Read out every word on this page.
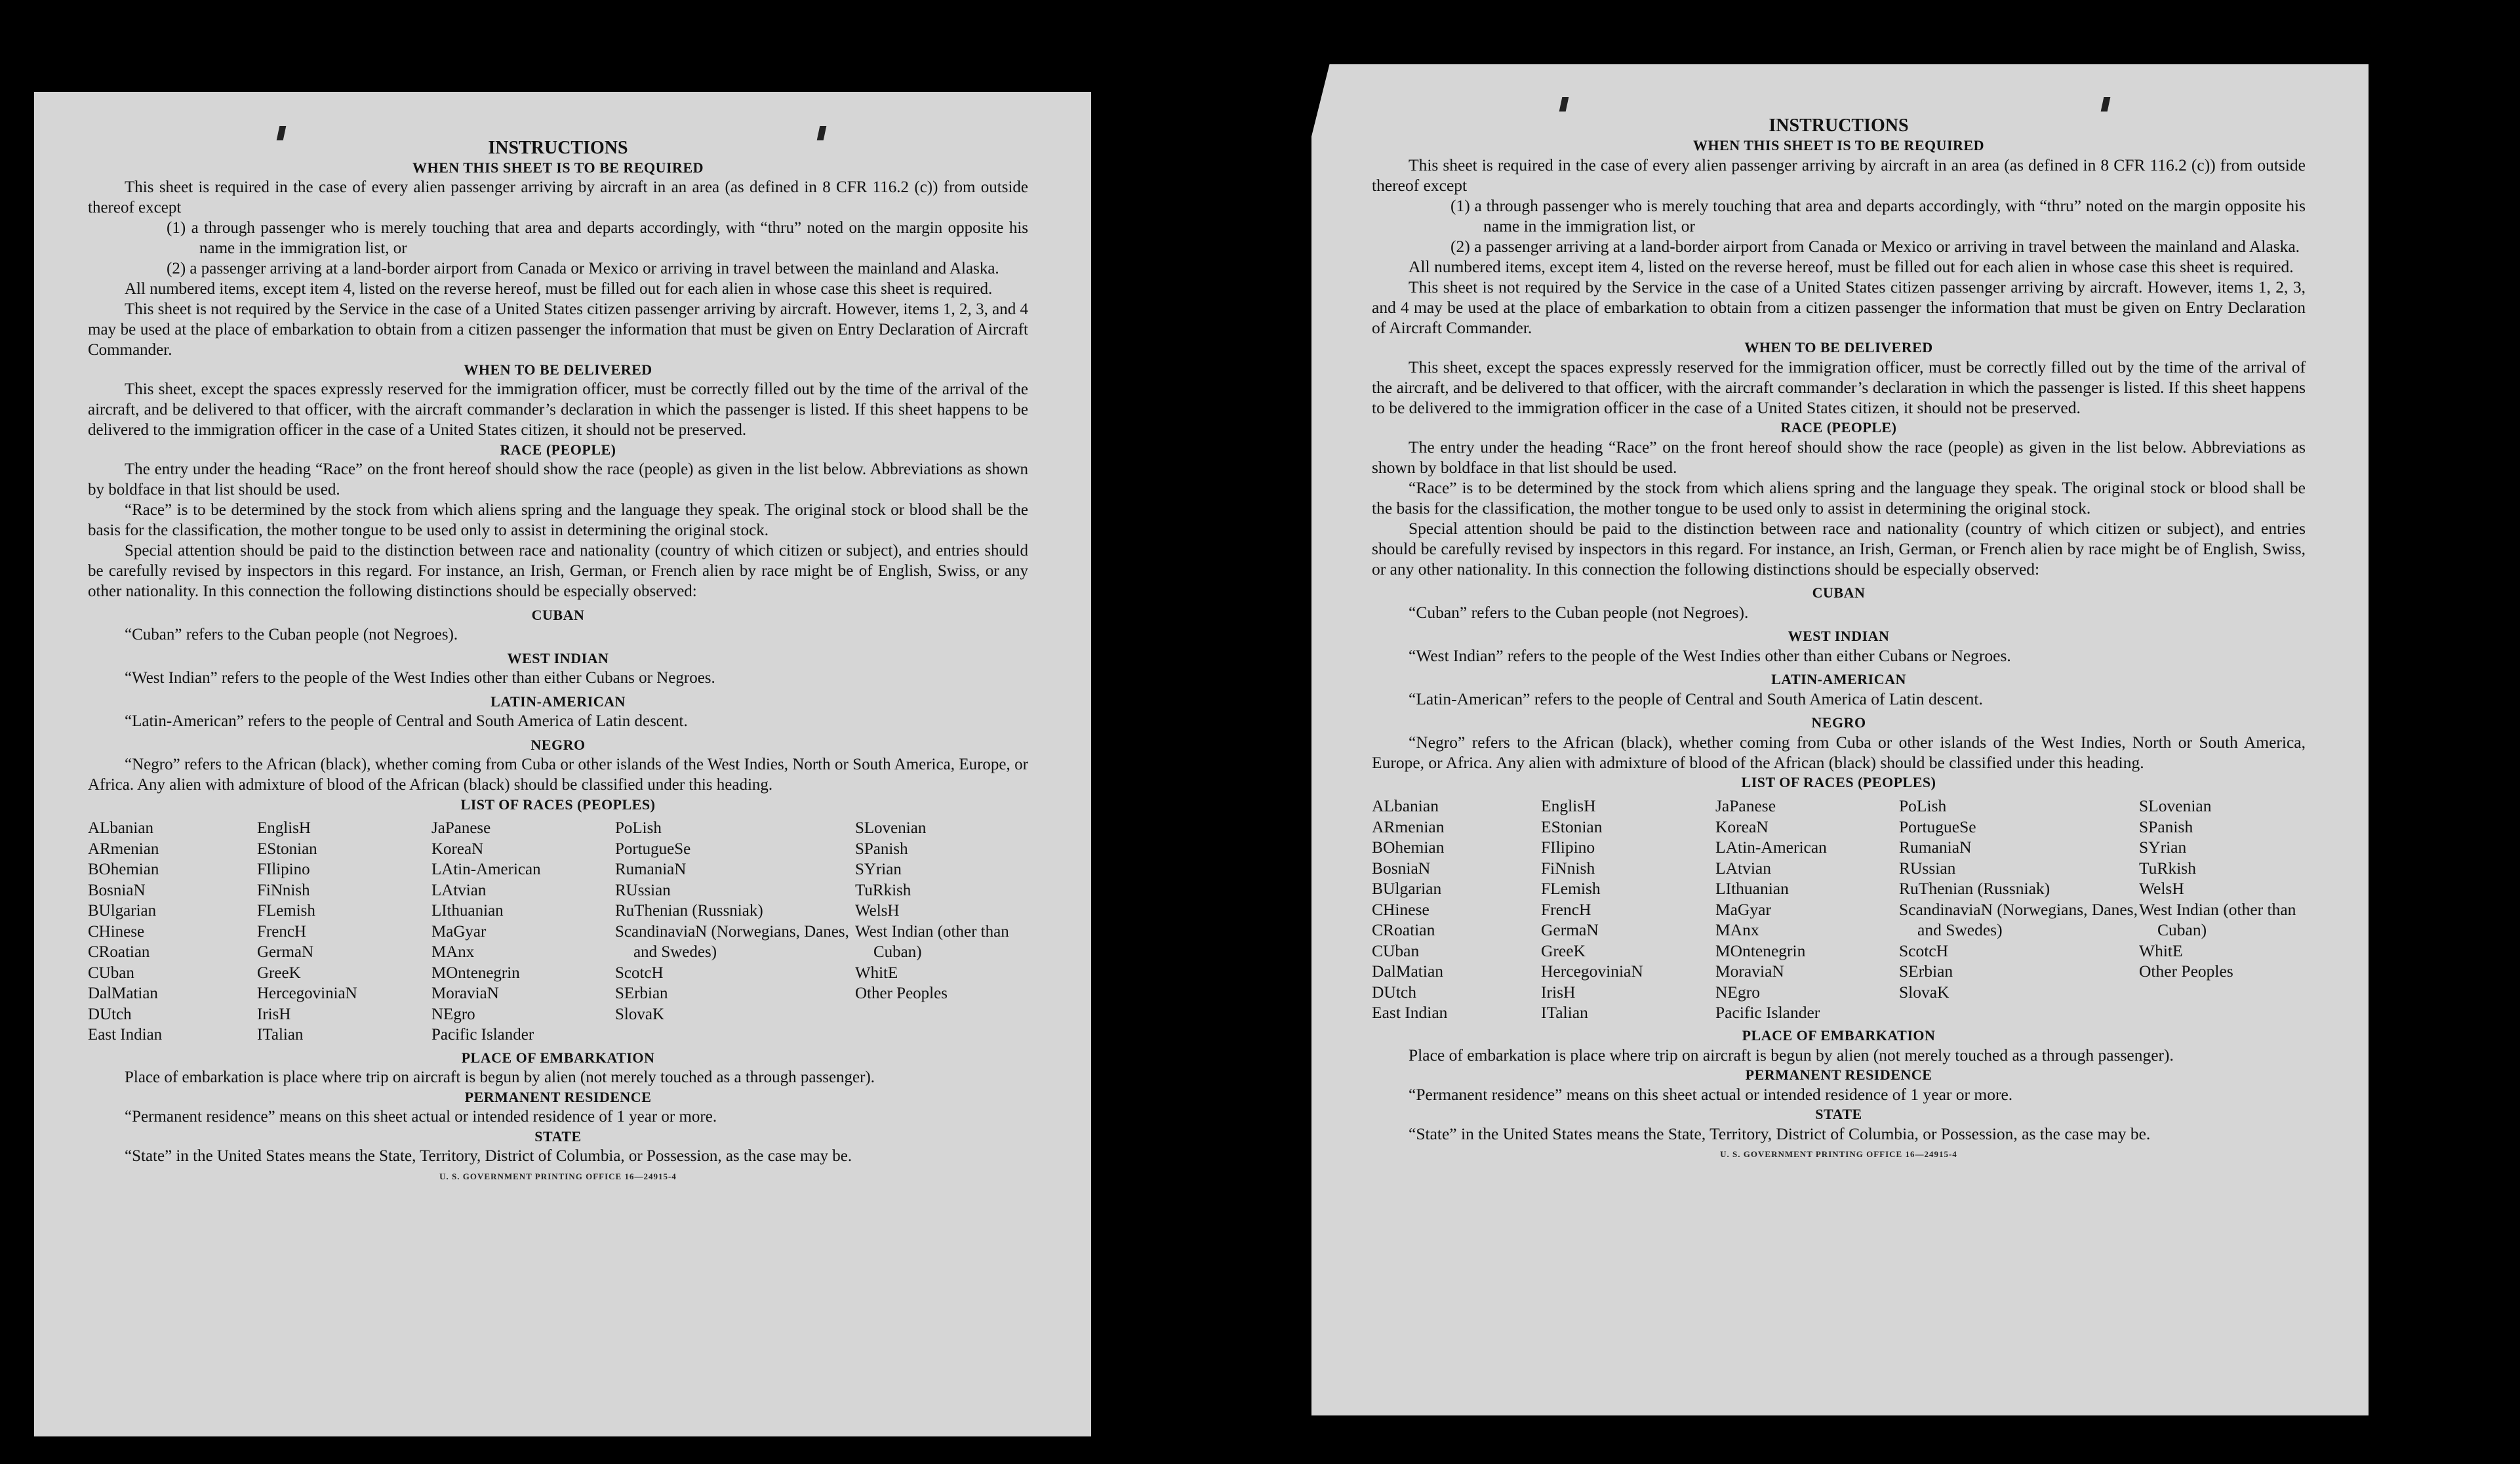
INSTRUCTIONS

WHEN THIS SHEET IS TO BE REQUIRED

This sheet is required in the case of every alien passenger arriving by aircraft in an area (as defined in 8 CFR 116.2 (c)) from outside thereof except

(1) a through passenger who is merely touching that area and departs accordingly, with “thru” noted on the margin opposite his name in the immigration list, or

(2) a passenger arriving at a land-border airport from Canada or Mexico or arriving in travel between the mainland and Alaska.

All numbered items, except item 4, listed on the reverse hereof, must be filled out for each alien in whose case this sheet is required.

This sheet is not required by the Service in the case of a United States citizen passenger arriving by aircraft. However, items 1, 2, 3, and 4 may be used at the place of embarkation to obtain from a citizen passenger the information that must be given on Entry Declaration of Aircraft Commander.

WHEN TO BE DELIVERED

This sheet, except the spaces expressly reserved for the immigration officer, must be correctly filled out by the time of the arrival of the aircraft, and be delivered to that officer, with the aircraft commander’s declaration in which the passenger is listed. If this sheet happens to be delivered to the immigration officer in the case of a United States citizen, it should not be preserved.

RACE (PEOPLE)

The entry under the heading “Race” on the front hereof should show the race (people) as given in the list below. Abbreviations as shown by boldface in that list should be used.

“Race” is to be determined by the stock from which aliens spring and the language they speak. The original stock or blood shall be the basis for the classification, the mother tongue to be used only to assist in determining the original stock.

Special attention should be paid to the distinction between race and nationality (country of which citizen or subject), and entries should be carefully revised by inspectors in this regard. For instance, an Irish, German, or French alien by race might be of English, Swiss, or any other nationality. In this connection the following distinctions should be especially observed:

CUBAN

“Cuban” refers to the Cuban people (not Negroes).

WEST INDIAN

“West Indian” refers to the people of the West Indies other than either Cubans or Negroes.

LATIN-AMERICAN

“Latin-American” refers to the people of Central and South America of Latin descent.

NEGRO

“Negro” refers to the African (black), whether coming from Cuba or other islands of the West Indies, North or South America, Europe, or Africa. Any alien with admixture of blood of the African (black) should be classified under this heading.

LIST OF RACES (PEOPLES)

ALbanian
ARmenian
BOhemian
BosniaN
BUlgarian
CHinese
CRoatian
CUban
DalMatian
DUtch
East Indian
EnglisH
EStonian
FIlipino
FiNnish
FLemish
FrencH
GermaN
GreeK
HercegoviniaN
IrisH
ITalian
JaPanese
KoreaN
LAtin-American
LAtvian
LIthuanian
MaGyar
MAnx
MOntenegrin
MoraviaN
NEgro
Pacific Islander
PoLish
PortugueSe
RumaniaN
RUssian
RuThenian (Russniak)
ScandinaviaN (Norwegians, Danes, and Swedes)
ScotcH
SErbian
SlovaK
SLovenian
SPanish
SYrian
TuRkish
WelsH
West Indian (other than Cuban)
WhitE
Other Peoples

PLACE OF EMBARKATION

Place of embarkation is place where trip on aircraft is begun by alien (not merely touched as a through passenger).

PERMANENT RESIDENCE

“Permanent residence” means on this sheet actual or intended residence of 1 year or more.

STATE

“State” in the United States means the State, Territory, District of Columbia, or Possession, as the case may be.

U. S. GOVERNMENT PRINTING OFFICE 16—24915-4

INSTRUCTIONS

WHEN THIS SHEET IS TO BE REQUIRED

This sheet is required in the case of every alien passenger arriving by aircraft in an area (as defined in 8 CFR 116.2 (c)) from outside thereof except

(1) a through passenger who is merely touching that area and departs accordingly, with “thru” noted on the margin opposite his name in the immigration list, or

(2) a passenger arriving at a land-border airport from Canada or Mexico or arriving in travel between the mainland and Alaska.

All numbered items, except item 4, listed on the reverse hereof, must be filled out for each alien in whose case this sheet is required.

This sheet is not required by the Service in the case of a United States citizen passenger arriving by aircraft. However, items 1, 2, 3, and 4 may be used at the place of embarkation to obtain from a citizen passenger the information that must be given on Entry Declaration of Aircraft Commander.

WHEN TO BE DELIVERED

This sheet, except the spaces expressly reserved for the immigration officer, must be correctly filled out by the time of the arrival of the aircraft, and be delivered to that officer, with the aircraft commander’s declaration in which the passenger is listed. If this sheet happens to be delivered to the immigration officer in the case of a United States citizen, it should not be preserved.

RACE (PEOPLE)

The entry under the heading “Race” on the front hereof should show the race (people) as given in the list below. Abbreviations as shown by boldface in that list should be used.

“Race” is to be determined by the stock from which aliens spring and the language they speak. The original stock or blood shall be the basis for the classification, the mother tongue to be used only to assist in determining the original stock.

Special attention should be paid to the distinction between race and nationality (country of which citizen or subject), and entries should be carefully revised by inspectors in this regard. For instance, an Irish, German, or French alien by race might be of English, Swiss, or any other nationality. In this connection the following distinctions should be especially observed:

CUBAN

“Cuban” refers to the Cuban people (not Negroes).

WEST INDIAN

“West Indian” refers to the people of the West Indies other than either Cubans or Negroes.

LATIN-AMERICAN

“Latin-American” refers to the people of Central and South America of Latin descent.

NEGRO

“Negro” refers to the African (black), whether coming from Cuba or other islands of the West Indies, North or South America, Europe, or Africa. Any alien with admixture of blood of the African (black) should be classified under this heading.

LIST OF RACES (PEOPLES)

ALbanian
ARmenian
BOhemian
BosniaN
BUlgarian
CHinese
CRoatian
CUban
DalMatian
DUtch
East Indian
EnglisH
EStonian
FIlipino
FiNnish
FLemish
FrencH
GermaN
GreeK
HercegoviniaN
IrisH
ITalian
JaPanese
KoreaN
LAtin-American
LAtvian
LIthuanian
MaGyar
MAnx
MOntenegrin
MoraviaN
NEgro
Pacific Islander
PoLish
PortugueSe
RumaniaN
RUssian
RuThenian (Russniak)
ScandinaviaN (Norwegians, Danes, and Swedes)
ScotcH
SErbian
SlovaK
SLovenian
SPanish
SYrian
TuRkish
WelsH
West Indian (other than Cuban)
WhitE
Other Peoples

PLACE OF EMBARKATION

Place of embarkation is place where trip on aircraft is begun by alien (not merely touched as a through passenger).

PERMANENT RESIDENCE

“Permanent residence” means on this sheet actual or intended residence of 1 year or more.

STATE

“State” in the United States means the State, Territory, District of Columbia, or Possession, as the case may be.

U. S. GOVERNMENT PRINTING OFFICE 16—24915-4
